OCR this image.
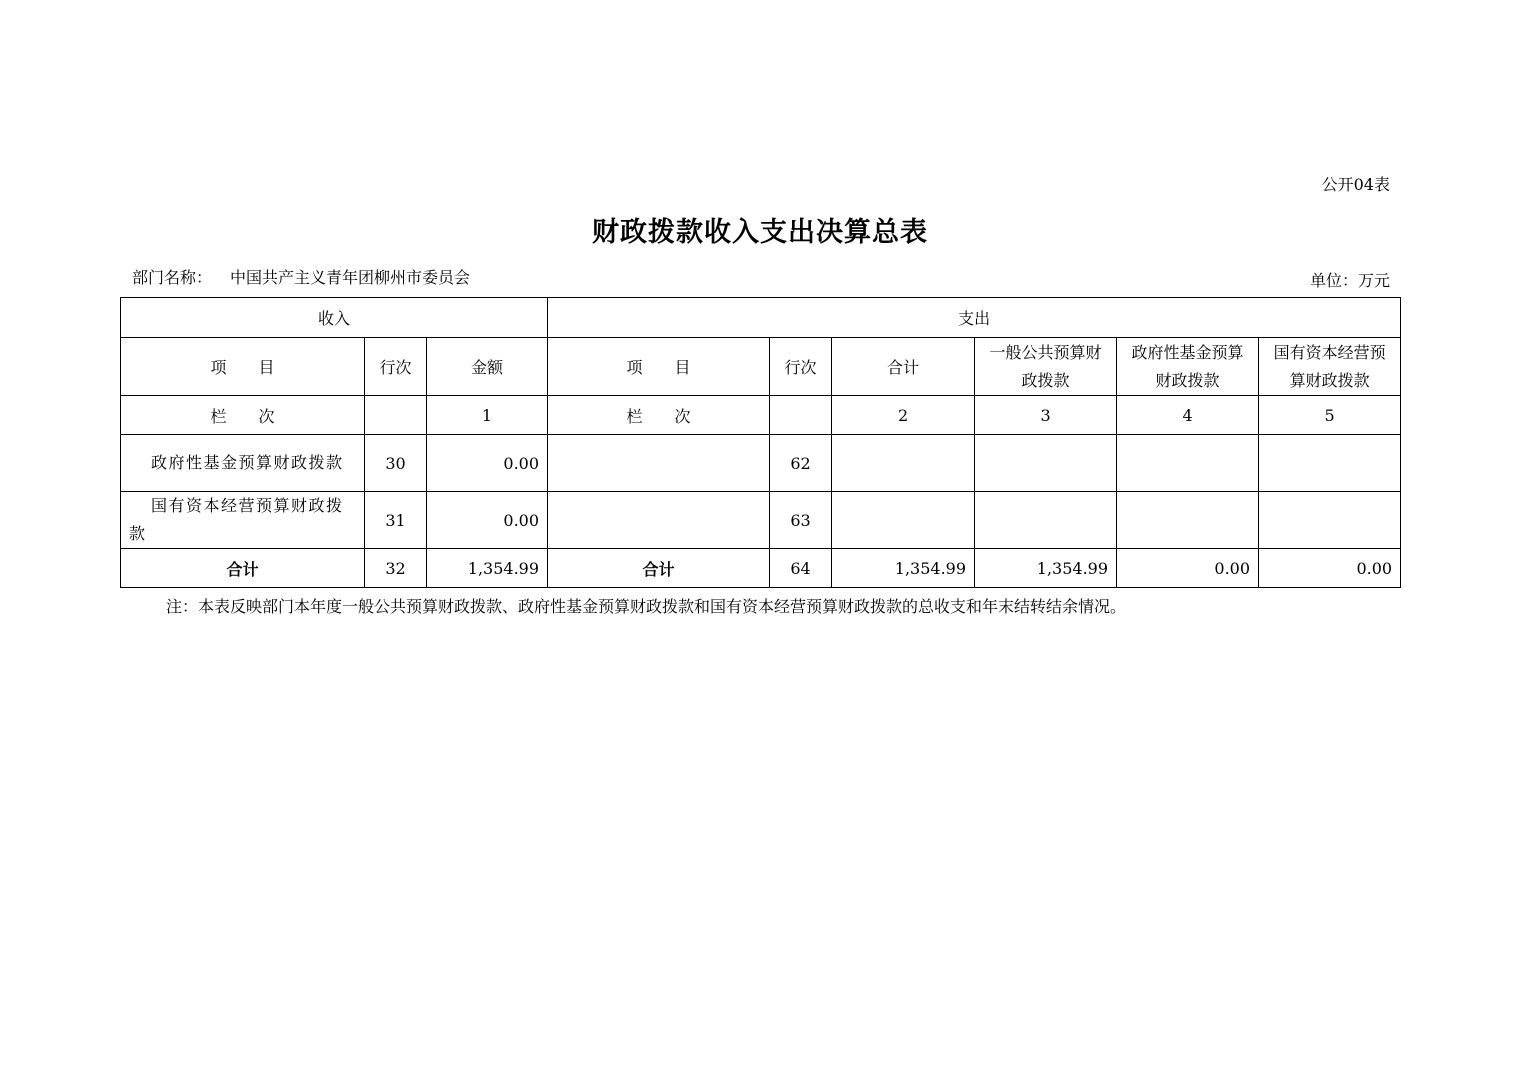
公开04表
财政拨款收入支出决算总表
部门名称： 中国共产主义青年团柳州市委员会	单位：万元
收入			支出					
项　　目	行次	金额	项　　目	行次	合计	一般公共预算财政拨款	政府性基金预算财政拨款	国有资本经营预算财政拨款
栏　　次		1	栏　　次		2	3	4	5
政府性基金预算财政拨款	30	0.00		62				
国有资本经营预算财政拨款	31	0.00		63				
合计	32	1,354.99	合计	64	1,354.99	1,354.99	0.00	0.00
注：本表反映部门本年度一般公共预算财政拨款、政府性基金预算财政拨款和国有资本经营预算财政拨款的总收支和年末结转结余情况。
